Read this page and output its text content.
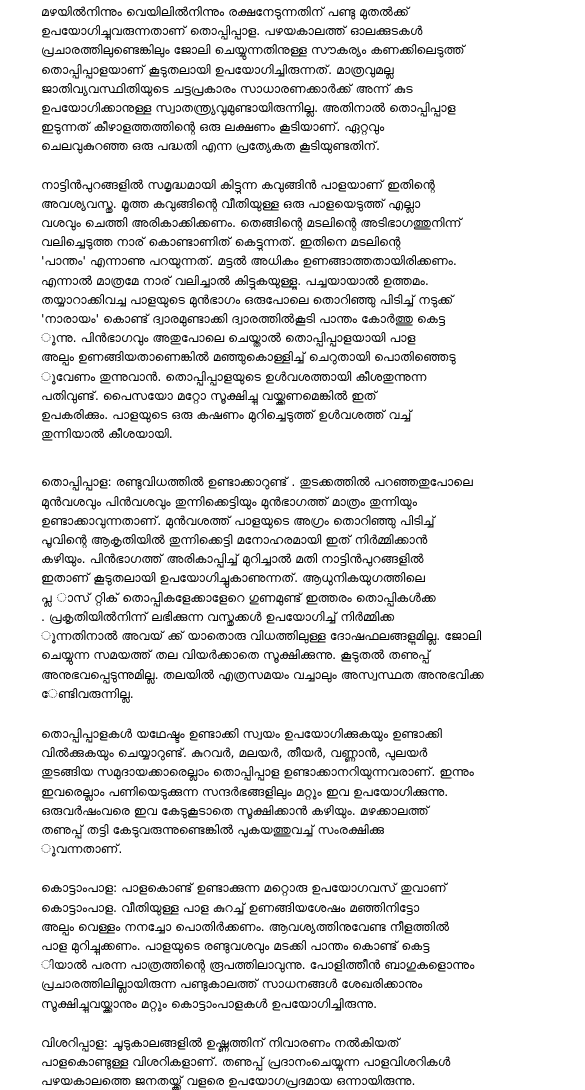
മഴയിൽനിന്നും വെയിലിൽനിന്നും രക്ഷനേടുന്നതിന് പണ്ടു മുതൽക്ക്
ഉപയോഗിച്ചുവരുന്നതാണ് തൊപ്പിപ്പാള. പഴയകാലത്ത് ഓലക്കുടകൾ
പ്രചാരത്തിലുണ്ടെങ്കിലും ജോലി ചെയ്യുന്നതിനുള്ള സൗകര്യം കണക്കിലെടുത്ത്
തൊപ്പിപ്പാളയാണ് കൂടുതലായി ഉപയോഗിച്ചിരുന്നത്. മാത്രവുമല്ല
ജാതിവ്യവസ്ഥിതിയുടെ ചട്ടപ്രകാരം സാധാരണക്കാർക്ക് അന്ന് കുട
ഉപയോഗിക്കാനുള്ള സ്വാതന്ത്ര്യവുമുണ്ടായിരുന്നില്ല. അതിനാൽ തൊപ്പിപ്പാള
ഇടുന്നത് കീഴാളത്തത്തിന്റെ ഒരു ലക്ഷണം കൂടിയാണ്. ഏറ്റവും
ചെലവുകുറഞ്ഞ ഒരു പദ്ധതി എന്ന പ്രത്യേകത കൂടിയുണ്ടതിന്.
നാട്ടിൻപുറങ്ങളിൽ സമൃദ്ധമായി കിട്ടുന്ന കവുങ്ങിൻ പാളയാണ് ഇതിന്റെ
അവശ്യവസ്തു. മൂത്ത കവുങ്ങിന്റെ വീതിയുള്ള ഒരു പാളയെടുത്ത് എല്ലാ
വശവും ചെത്തി അരികാക്കിക്കണം. തെങ്ങിന്റെ മടലിന്റെ അടിഭാഗത്തുനിന്ന്
വലിച്ചെടുത്ത നാര് കൊണ്ടാണിത് കെട്ടുന്നത്. ഇതിനെ മടലിന്റെ
'പാന്തം' എന്നാണു പറയുന്നത്. മട്ടൽ അധികം ഉണങ്ങാത്തതായിരിക്കണം.
എന്നാൽ മാത്രമേ നാര് വലിച്ചാൽ കിട്ടുകയുള്ളൂ. പച്ചയായാൽ ഉത്തമം.
തയ്യാറാക്കിവച്ച പാളയുടെ മുൻഭാഗം ഒരുപോലെ തൊറിഞ്ഞു പിടിച്ച് നടുക്ക്
'നാരായം' കൊണ്ട് ദ്വാരമുണ്ടാക്കി ദ്വാരത്തിൽകൂടി പാന്തം കോർത്തു കെട്ട
ുന്നു. പിൻഭാഗവും അതുപോലെ ചെയ്താൽ തൊപ്പിപ്പാളയായി പാള
അല്പം ഉണങ്ങിയതാണെങ്കിൽ മഞ്ഞുകൊള്ളിച്ച് ചെറുതായി പൊതിഞ്ഞെടു
ുവേണം തുന്നുവാൻ. തൊപ്പിപ്പാളയുടെ ഉൾവശത്തായി കീശതുന്നുന്ന
പതിവുണ്ട്. പൈസയോ മറ്റോ സൂക്ഷിച്ചു വയ്ക്കണമെങ്കിൽ ഇത്
ഉപകരിക്കും. പാളയുടെ ഒരു കഷണം മുറിച്ചെടുത്ത് ഉൾവശത്ത് വച്ച്
തുന്നിയാൽ കീശയായി.
തൊപ്പിപ്പാള: രണ്ടുവിധത്തിൽ ഉണ്ടാക്കാറുണ്ട് . തുടക്കത്തിൽ പറഞ്ഞതുപോലെ
മുൻവശവും പിൻവശവും തുന്നിക്കെട്ടിയും മുൻഭാഗത്ത് മാത്രം തുന്നിയും
ഉണ്ടാക്കാവുന്നതാണ്. മുൻവശത്ത് പാളയുടെ അഗ്രം തൊറിഞ്ഞു പിടിച്ച്
പൂവിന്റെ ആകൃതിയിൽ തുന്നിക്കെട്ടി മനോഹരമായി ഇത് നിർമ്മിക്കാൻ
കഴിയും. പിൻഭാഗത്ത് അരികാപ്പിച്ച് മുറിച്ചാൽ മതി നാട്ടിൻപുറങ്ങളിൽ
ഇതാണ് കൂടുതലായി ഉപയോഗിച്ചുകാണുന്നത്. ആധുനികയുഗത്തിലെ
പ്ല ാസ് റ്റിക് തൊപ്പികളേക്കാളേറെ ഗുണമുണ്ട് ഇത്തരം തൊപ്പികൾക്ക
. പ്രകൃതിയിൽനിന്ന് ലഭിക്കുന്ന വസ്തുക്കൾ ഉപയോഗിച്ച് നിർമ്മിക്ക
ുന്നതിനാൽ അവയ് ക്ക് യാതൊരു വിധത്തിലുള്ള ദോഷഫലങ്ങളുമില്ല. ജോലി
ചെയ്യുന്ന സമയത്ത് തല വിയർക്കാതെ സൂക്ഷിക്കുന്നു. കൂടുതൽ തണുപ്പ്
അനുഭവപ്പെടുന്നുമില്ല. തലയിൽ എത്രസമയം വച്ചാലും അസ്വസ്ഥത അനുഭവിക്ക
േണ്ടിവരുന്നില്ല.
തൊപ്പിപ്പാളകൾ യഥേഷ്ടം ഉണ്ടാക്കി സ്വയം ഉപയോഗിക്കുകയും ഉണ്ടാക്കി
വിൽക്കുകയും ചെയ്യാറുണ്ട്. കുറവർ, മലയർ, തീയർ, വണ്ണാൻ, പുലയർ
തുടങ്ങിയ സമുദായക്കാരെല്ലാം തൊപ്പിപ്പാള ഉണ്ടാക്കാനറിയുന്നവരാണ്. ഇന്നും
ഇവരെല്ലാം പണിയെടുക്കുന്ന സന്ദർഭങ്ങളിലും മറ്റും ഇവ ഉപയോഗിക്കുന്നു.
ഒരുവർഷംവരെ ഇവ കേടുകൂടാതെ സൂക്ഷിക്കാൻ കഴിയും. മഴക്കാലത്ത്
തണുപ്പ് തട്ടി കേടുവരുന്നുണ്ടെങ്കിൽ പുകയത്തുവച്ച് സംരക്ഷിക്കു
ുവന്നതാണ്.
കൊട്ടാംപാള: പാളകൊണ്ട് ഉണ്ടാക്കുന്ന മറ്റൊരു ഉപയോഗവസ് തുവാണ്
കൊട്ടാംപാള. വീതിയുള്ള പാള കുറച്ച് ഉണങ്ങിയശേഷം മഞ്ഞിനിട്ടോ
അല്പം വെള്ളം നനച്ചോ പൊതിർക്കണം. ആവശ്യത്തിനുവേണ്ട നീളത്തിൽ
പാള മുറിച്ചുക്കണം. പാളയുടെ രണ്ടുവശവും മടക്കി പാന്തം കൊണ്ട് കെട്ട
ിയാൽ പരന്ന പാത്രത്തിന്റെ രൂപത്തിലാവുന്നു. പോളിത്തീൻ ബാഗുകളൊന്നും
പ്രചാരത്തിലില്ലായിരുന്ന പണ്ടുകാലത്ത് സാധനങ്ങൾ ശേഖരിക്കാനും
സൂക്ഷിച്ചുവയ്ക്കാനും മറ്റും കൊട്ടാംപാളകൾ ഉപയോഗിച്ചിരുന്നു.
വിശറിപ്പാള: ചൂടുകാലങ്ങളിൽ ഉഷ്ണത്തിന് നിവാരണം നൽകിയത്
പാളകൊണ്ടുള്ള വിശറികളാണ്. തണുപ്പ് പ്രദാനംചെയ്യുന്ന പാളവിശറികൾ
പഴയകാലത്തെ ജനതയ്ക്ക് വളരെ ഉപയോഗപ്രദമായ ഒന്നായിരുന്നു.
